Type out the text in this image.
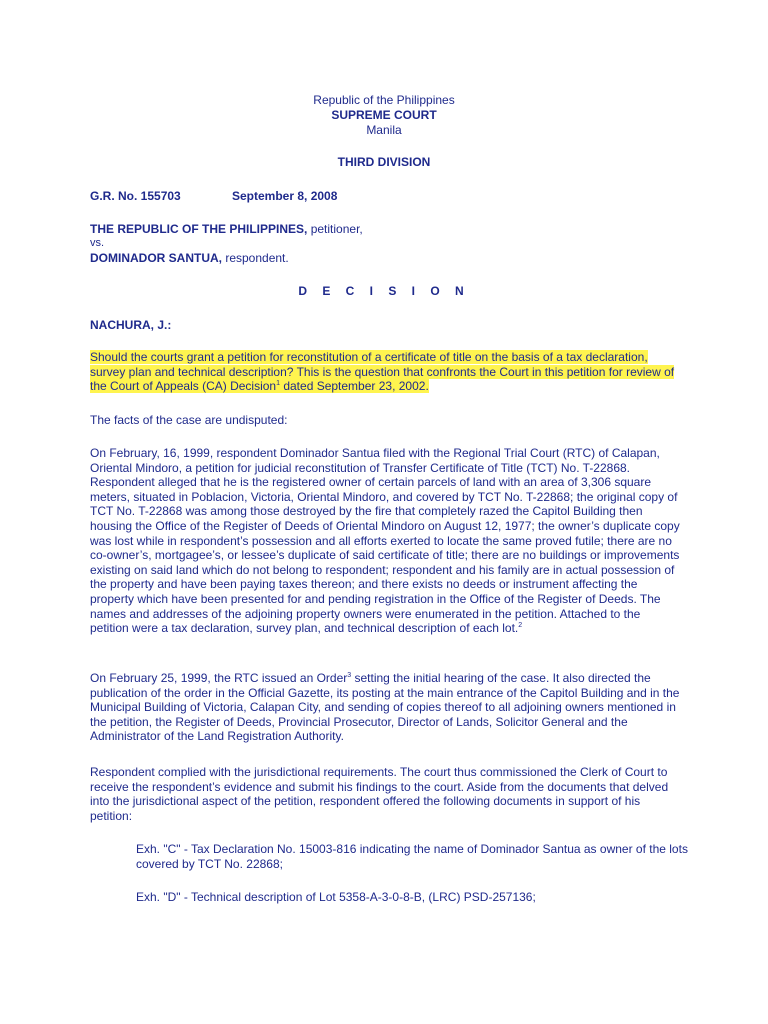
Republic of the Philippines
SUPREME COURT
Manila
THIRD DIVISION
G.R. No. 155703	September 8, 2008
THE REPUBLIC OF THE PHILIPPINES, petitioner,
vs.
DOMINADOR SANTUA, respondent.
D E C I S I O N
NACHURA, J.:
Should the courts grant a petition for reconstitution of a certificate of title on the basis of a tax declaration, survey plan and technical description? This is the question that confronts the Court in this petition for review of the Court of Appeals (CA) Decision$^1$ dated September 23, 2002.
The facts of the case are undisputed:
On February, 16, 1999, respondent Dominador Santua filed with the Regional Trial Court (RTC) of Calapan, Oriental Mindoro, a petition for judicial reconstitution of Transfer Certificate of Title (TCT) No. T-22868. Respondent alleged that he is the registered owner of certain parcels of land with an area of 3,306 square meters, situated in Poblacion, Victoria, Oriental Mindoro, and covered by TCT No. T-22868; the original copy of TCT No. T-22868 was among those destroyed by the fire that completely razed the Capitol Building then housing the Office of the Register of Deeds of Oriental Mindoro on August 12, 1977; the owner’s duplicate copy was lost while in respondent’s possession and all efforts exerted to locate the same proved futile; there are no co-owner’s, mortgagee’s, or lessee’s duplicate of said certificate of title; there are no buildings or improvements existing on said land which do not belong to respondent; respondent and his family are in actual possession of the property and have been paying taxes thereon; and there exists no deeds or instrument affecting the property which have been presented for and pending registration in the Office of the Register of Deeds. The names and addresses of the adjoining property owners were enumerated in the petition. Attached to the petition were a tax declaration, survey plan, and technical description of each lot.$^2$
On February 25, 1999, the RTC issued an Order$^3$ setting the initial hearing of the case. It also directed the publication of the order in the Official Gazette, its posting at the main entrance of the Capitol Building and in the Municipal Building of Victoria, Calapan City, and sending of copies thereof to all adjoining owners mentioned in the petition, the Register of Deeds, Provincial Prosecutor, Director of Lands, Solicitor General and the Administrator of the Land Registration Authority.
Respondent complied with the jurisdictional requirements. The court thus commissioned the Clerk of Court to receive the respondent’s evidence and submit his findings to the court. Aside from the documents that delved into the jurisdictional aspect of the petition, respondent offered the following documents in support of his petition:
Exh. "C" - Tax Declaration No. 15003-816 indicating the name of Dominador Santua as owner of the lots covered by TCT No. 22868;
Exh. "D" - Technical description of Lot 5358-A-3-0-8-B, (LRC) PSD-257136;
